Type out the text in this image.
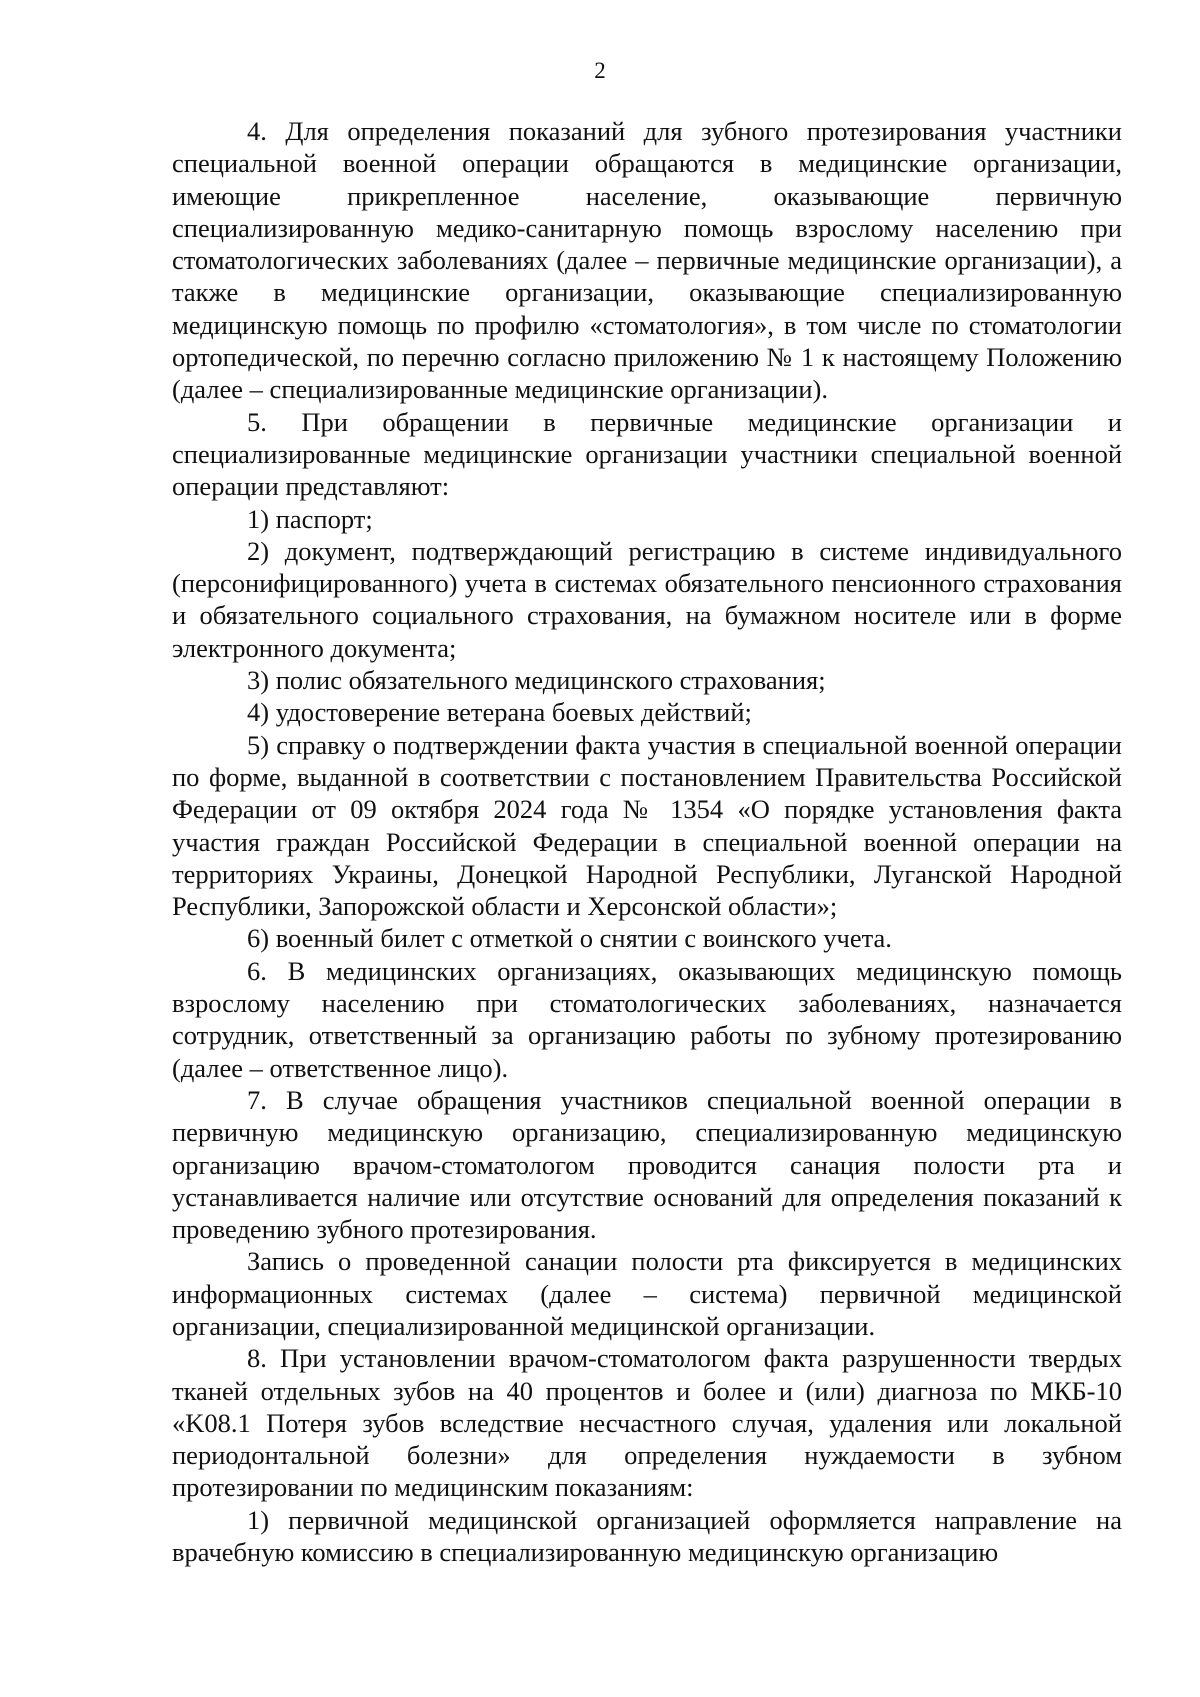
2

4. Для определения показаний для зубного протезирования участники специальной военной операции обращаются в медицинские организации, имеющие прикрепленное население, оказывающие первичную специализированную медико-санитарную помощь взрослому населению при стоматологических заболеваниях (далее – первичные медицинские организации), а также в медицинские организации, оказывающие специализированную медицинскую помощь по профилю «стоматология», в том числе по стоматологии ортопедической, по перечню согласно приложению № 1 к настоящему Положению (далее – специализированные медицинские организации).

5. При обращении в первичные медицинские организации и специализированные медицинские организации участники специальной военной операции представляют:

1) паспорт;

2) документ, подтверждающий регистрацию в системе индивидуального (персонифицированного) учета в системах обязательного пенсионного страхования и обязательного социального страхования, на бумажном носителе или в форме электронного документа;

3) полис обязательного медицинского страхования;

4) удостоверение ветерана боевых действий;

5) справку о подтверждении факта участия в специальной военной операции по форме, выданной в соответствии с постановлением Правительства Российской Федерации от 09 октября 2024 года № 1354 «О порядке установления факта участия граждан Российской Федерации в специальной военной операции на территориях Украины, Донецкой Народной Республики, Луганской Народной Республики, Запорожской области и Херсонской области»;

6) военный билет с отметкой о снятии с воинского учета.

6. В медицинских организациях, оказывающих медицинскую помощь взрослому населению при стоматологических заболеваниях, назначается сотрудник, ответственный за организацию работы по зубному протезированию (далее – ответственное лицо).

7. В случае обращения участников специальной военной операции в первичную медицинскую организацию, специализированную медицинскую организацию врачом-стоматологом проводится санация полости рта и устанавливается наличие или отсутствие оснований для определения показаний к проведению зубного протезирования.

Запись о проведенной санации полости рта фиксируется в медицинских информационных системах (далее – система) первичной медицинской организации, специализированной медицинской организации.

8. При установлении врачом-стоматологом факта разрушенности твердых тканей отдельных зубов на 40 процентов и более и (или) диагноза по МКБ-10 «K08.1 Потеря зубов вследствие несчастного случая, удаления или локальной периодонтальной болезни» для определения нуждаемости в зубном протезировании по медицинским показаниям:

1) первичной медицинской организацией оформляется направление на врачебную комиссию в специализированную медицинскую организацию
